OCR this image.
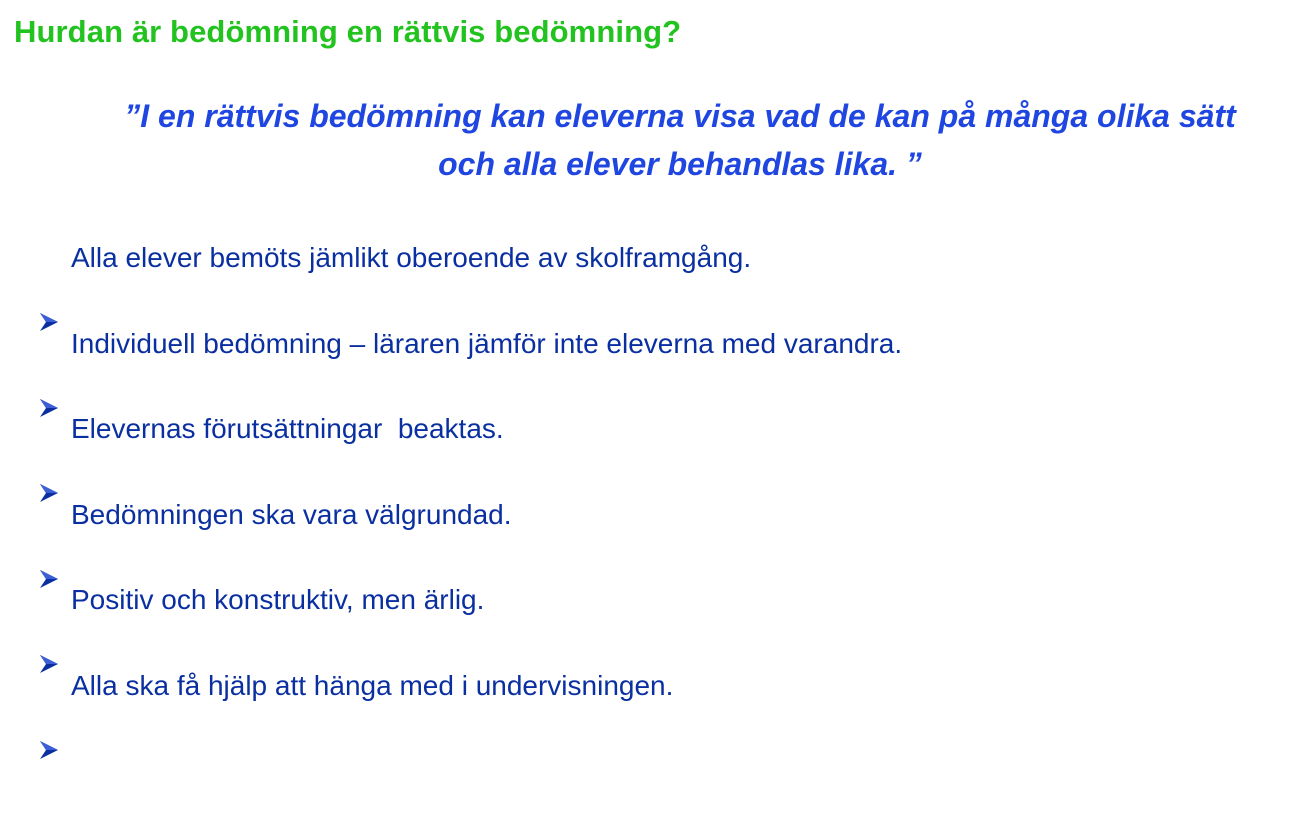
Hurdan är bedömning en rättvis bedömning?
”I en rättvis bedömning kan eleverna visa vad de kan på många olika sätt
och alla elever behandlas lika. ”

Alla elever bemöts jämlikt oberoende av skolframgång.

Individuell bedömning – läraren jämför inte eleverna med varandra.

Elevernas förutsättningar  beaktas.

Bedömningen ska vara välgrundad.

Positiv och konstruktiv, men ärlig.

Alla ska få hjälp att hänga med i undervisningen.
